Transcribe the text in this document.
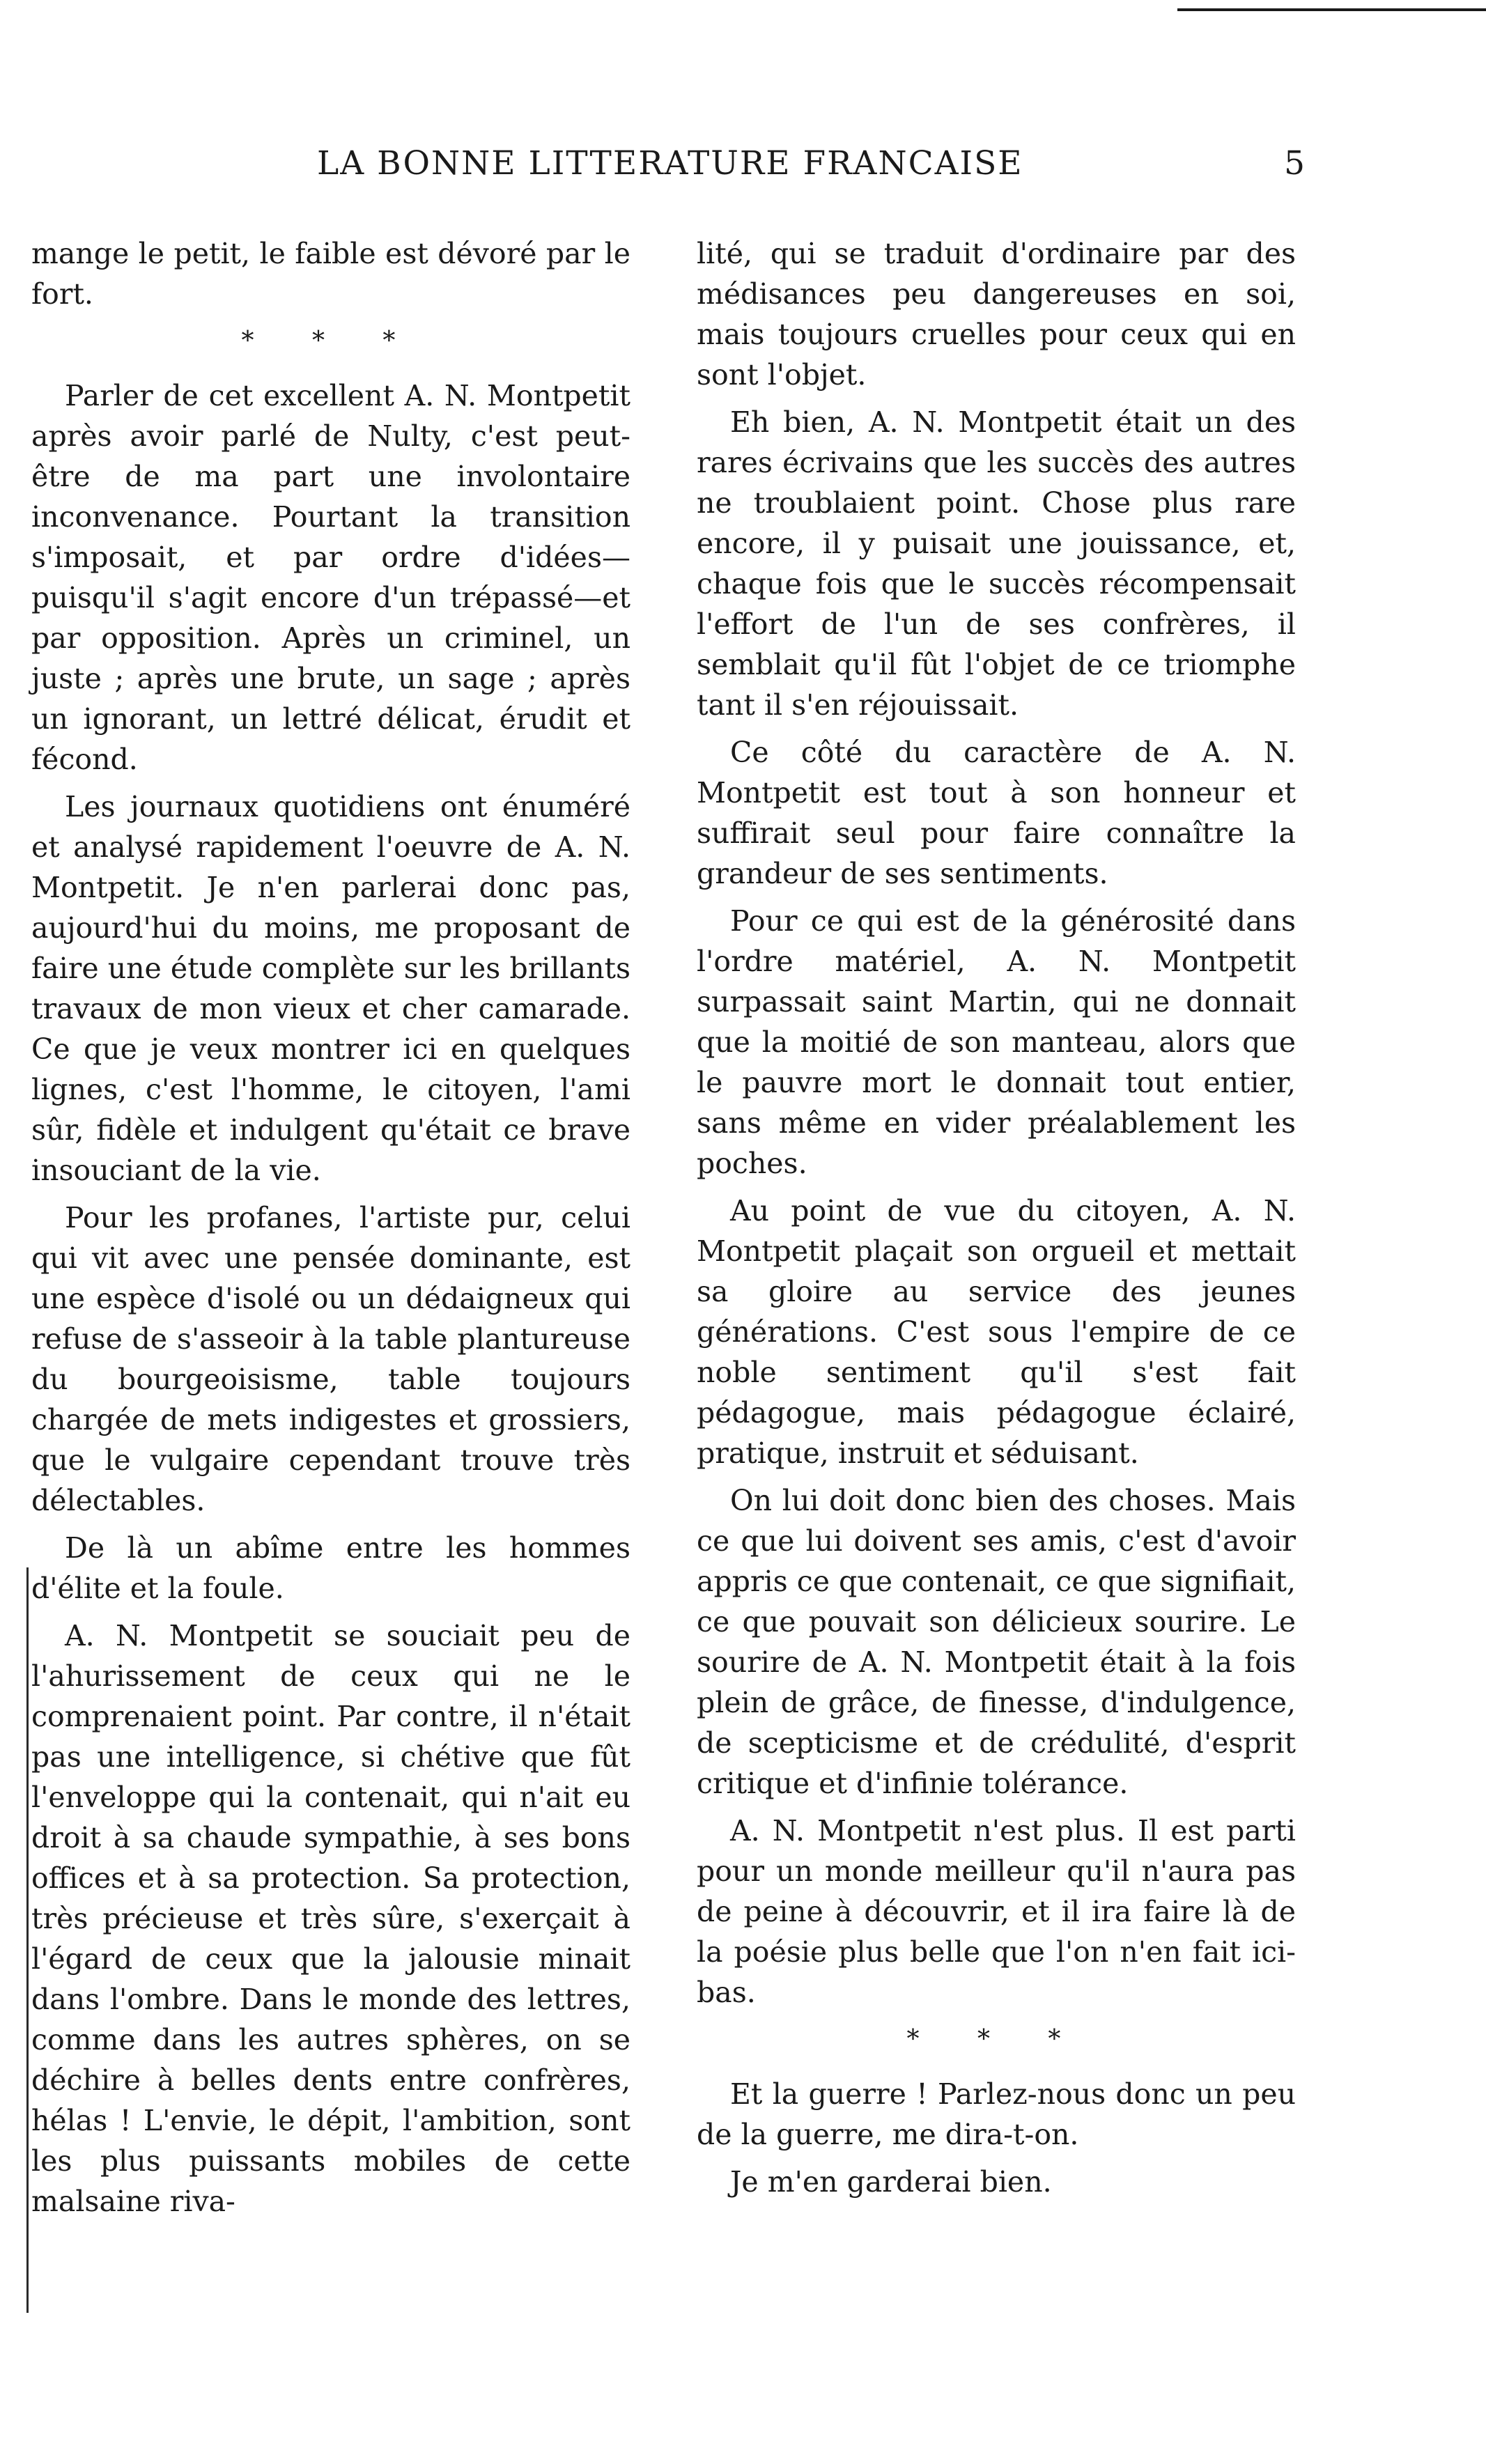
LA BONNE LITTERATURE FRANCAISE	5

mange le petit, le faible est dévoré par le fort.

* * *

Parler de cet excellent A. N. Montpetit après avoir parlé de Nulty, c'est peut-être de ma part une involontaire inconvenance. Pourtant la transition s'imposait, et par ordre d'idées—puisqu'il s'agit encore d'un trépassé—et par opposition. Après un criminel, un juste ; après une brute, un sage ; après un ignorant, un lettré délicat, érudit et fécond.

Les journaux quotidiens ont énuméré et analysé rapidement l'oeuvre de A. N. Montpetit. Je n'en parlerai donc pas, aujourd'hui du moins, me proposant de faire une étude complète sur les brillants travaux de mon vieux et cher camarade. Ce que je veux montrer ici en quelques lignes, c'est l'homme, le citoyen, l'ami sûr, fidèle et indulgent qu'était ce brave insouciant de la vie.

Pour les profanes, l'artiste pur, celui qui vit avec une pensée dominante, est une espèce d'isolé ou un dédaigneux qui refuse de s'asseoir à la table plantureuse du bourgeoisisme, table toujours chargée de mets indigestes et grossiers, que le vulgaire cependant trouve très délectables.

De là un abîme entre les hommes d'élite et la foule.

A. N. Montpetit se souciait peu de l'ahurissement de ceux qui ne le comprenaient point. Par contre, il n'était pas une intelligence, si chétive que fût l'enveloppe qui la contenait, qui n'ait eu droit à sa chaude sympathie, à ses bons offices et à sa protection. Sa protection, très précieuse et très sûre, s'exerçait à l'égard de ceux que la jalousie minait dans l'ombre. Dans le monde des lettres, comme dans les autres sphères, on se déchire à belles dents entre confrères, hélas ! L'envie, le dépit, l'ambition, sont les plus puissants mobiles de cette malsaine riva-

lité, qui se traduit d'ordinaire par des médisances peu dangereuses en soi, mais toujours cruelles pour ceux qui en sont l'objet.

Eh bien, A. N. Montpetit était un des rares écrivains que les succès des autres ne troublaient point. Chose plus rare encore, il y puisait une jouissance, et, chaque fois que le succès récompensait l'effort de l'un de ses confrères, il semblait qu'il fût l'objet de ce triomphe tant il s'en réjouissait.

Ce côté du caractère de A. N. Montpetit est tout à son honneur et suffirait seul pour faire connaître la grandeur de ses sentiments.

Pour ce qui est de la générosité dans l'ordre matériel, A. N. Montpetit surpassait saint Martin, qui ne donnait que la moitié de son manteau, alors que le pauvre mort le donnait tout entier, sans même en vider préalablement les poches.

Au point de vue du citoyen, A. N. Montpetit plaçait son orgueil et mettait sa gloire au service des jeunes générations. C'est sous l'empire de ce noble sentiment qu'il s'est fait pédagogue, mais pédagogue éclairé, pratique, instruit et séduisant.

On lui doit donc bien des choses. Mais ce que lui doivent ses amis, c'est d'avoir appris ce que contenait, ce que signifiait, ce que pouvait son délicieux sourire. Le sourire de A. N. Montpetit était à la fois plein de grâce, de finesse, d'indulgence, de scepticisme et de crédulité, d'esprit critique et d'infinie tolérance.

A. N. Montpetit n'est plus. Il est parti pour un monde meilleur qu'il n'aura pas de peine à découvrir, et il ira faire là de la poésie plus belle que l'on n'en fait ici-bas.

* * *

Et la guerre ! Parlez-nous donc un peu de la guerre, me dira-t-on.

Je m'en garderai bien.
